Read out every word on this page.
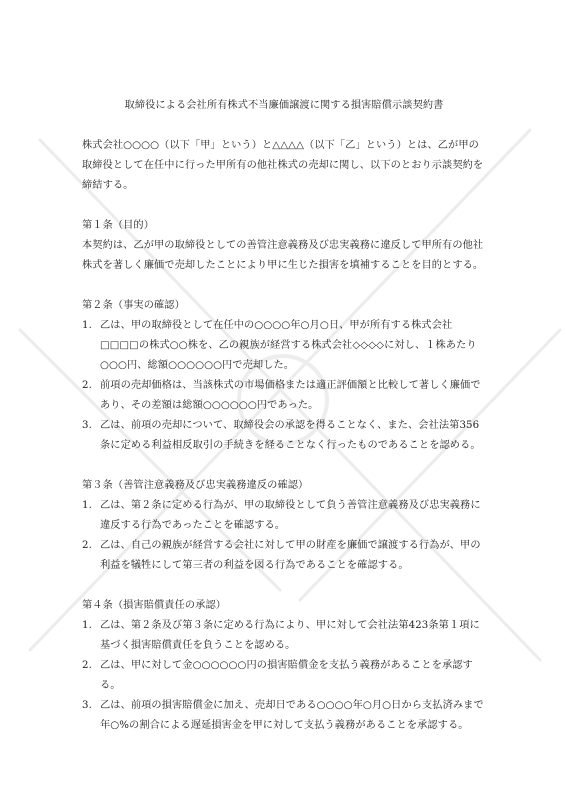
取締役による会社所有株式不当廉価譲渡に関する損害賠償示談契約書

株式会社○○○○（以下「甲」という）と△△△△（以下「乙」という）とは、乙が甲の取締役として在任中に行った甲所有の他社株式の売却に関し、以下のとおり示談契約を締結する。

第１条（目的）

本契約は、乙が甲の取締役としての善管注意義務及び忠実義務に違反して甲所有の他社株式を著しく廉価で売却したことにより甲に生じた損害を填補することを目的とする。

第２条（事実の確認）

1. 乙は、甲の取締役として在任中の○○○○年○月○日、甲が所有する株式会社□□□□の株式○○株を、乙の親族が経営する株式会社◇◇◇◇に対し、１株あたり○○○円、総額○○○○○○円で売却した。
2. 前項の売却価格は、当該株式の市場価格または適正評価額と比較して著しく廉価であり、その差額は総額○○○○○○円であった。
3. 乙は、前項の売却について、取締役会の承認を得ることなく、また、会社法第356条に定める利益相反取引の手続きを経ることなく行ったものであることを認める。

第３条（善管注意義務及び忠実義務違反の確認）

1. 乙は、第２条に定める行為が、甲の取締役として負う善管注意義務及び忠実義務に違反する行為であったことを確認する。
2. 乙は、自己の親族が経営する会社に対して甲の財産を廉価で譲渡する行為が、甲の利益を犠牲にして第三者の利益を図る行為であることを確認する。

第４条（損害賠償責任の承認）

1. 乙は、第２条及び第３条に定める行為により、甲に対して会社法第423条第１項に基づく損害賠償責任を負うことを認める。
2. 乙は、甲に対して金○○○○○○円の損害賠償金を支払う義務があることを承認する。
3. 乙は、前項の損害賠償金に加え、売却日である○○○○年○月○日から支払済みまで年○%の割合による遅延損害金を甲に対して支払う義務があることを承認する。
